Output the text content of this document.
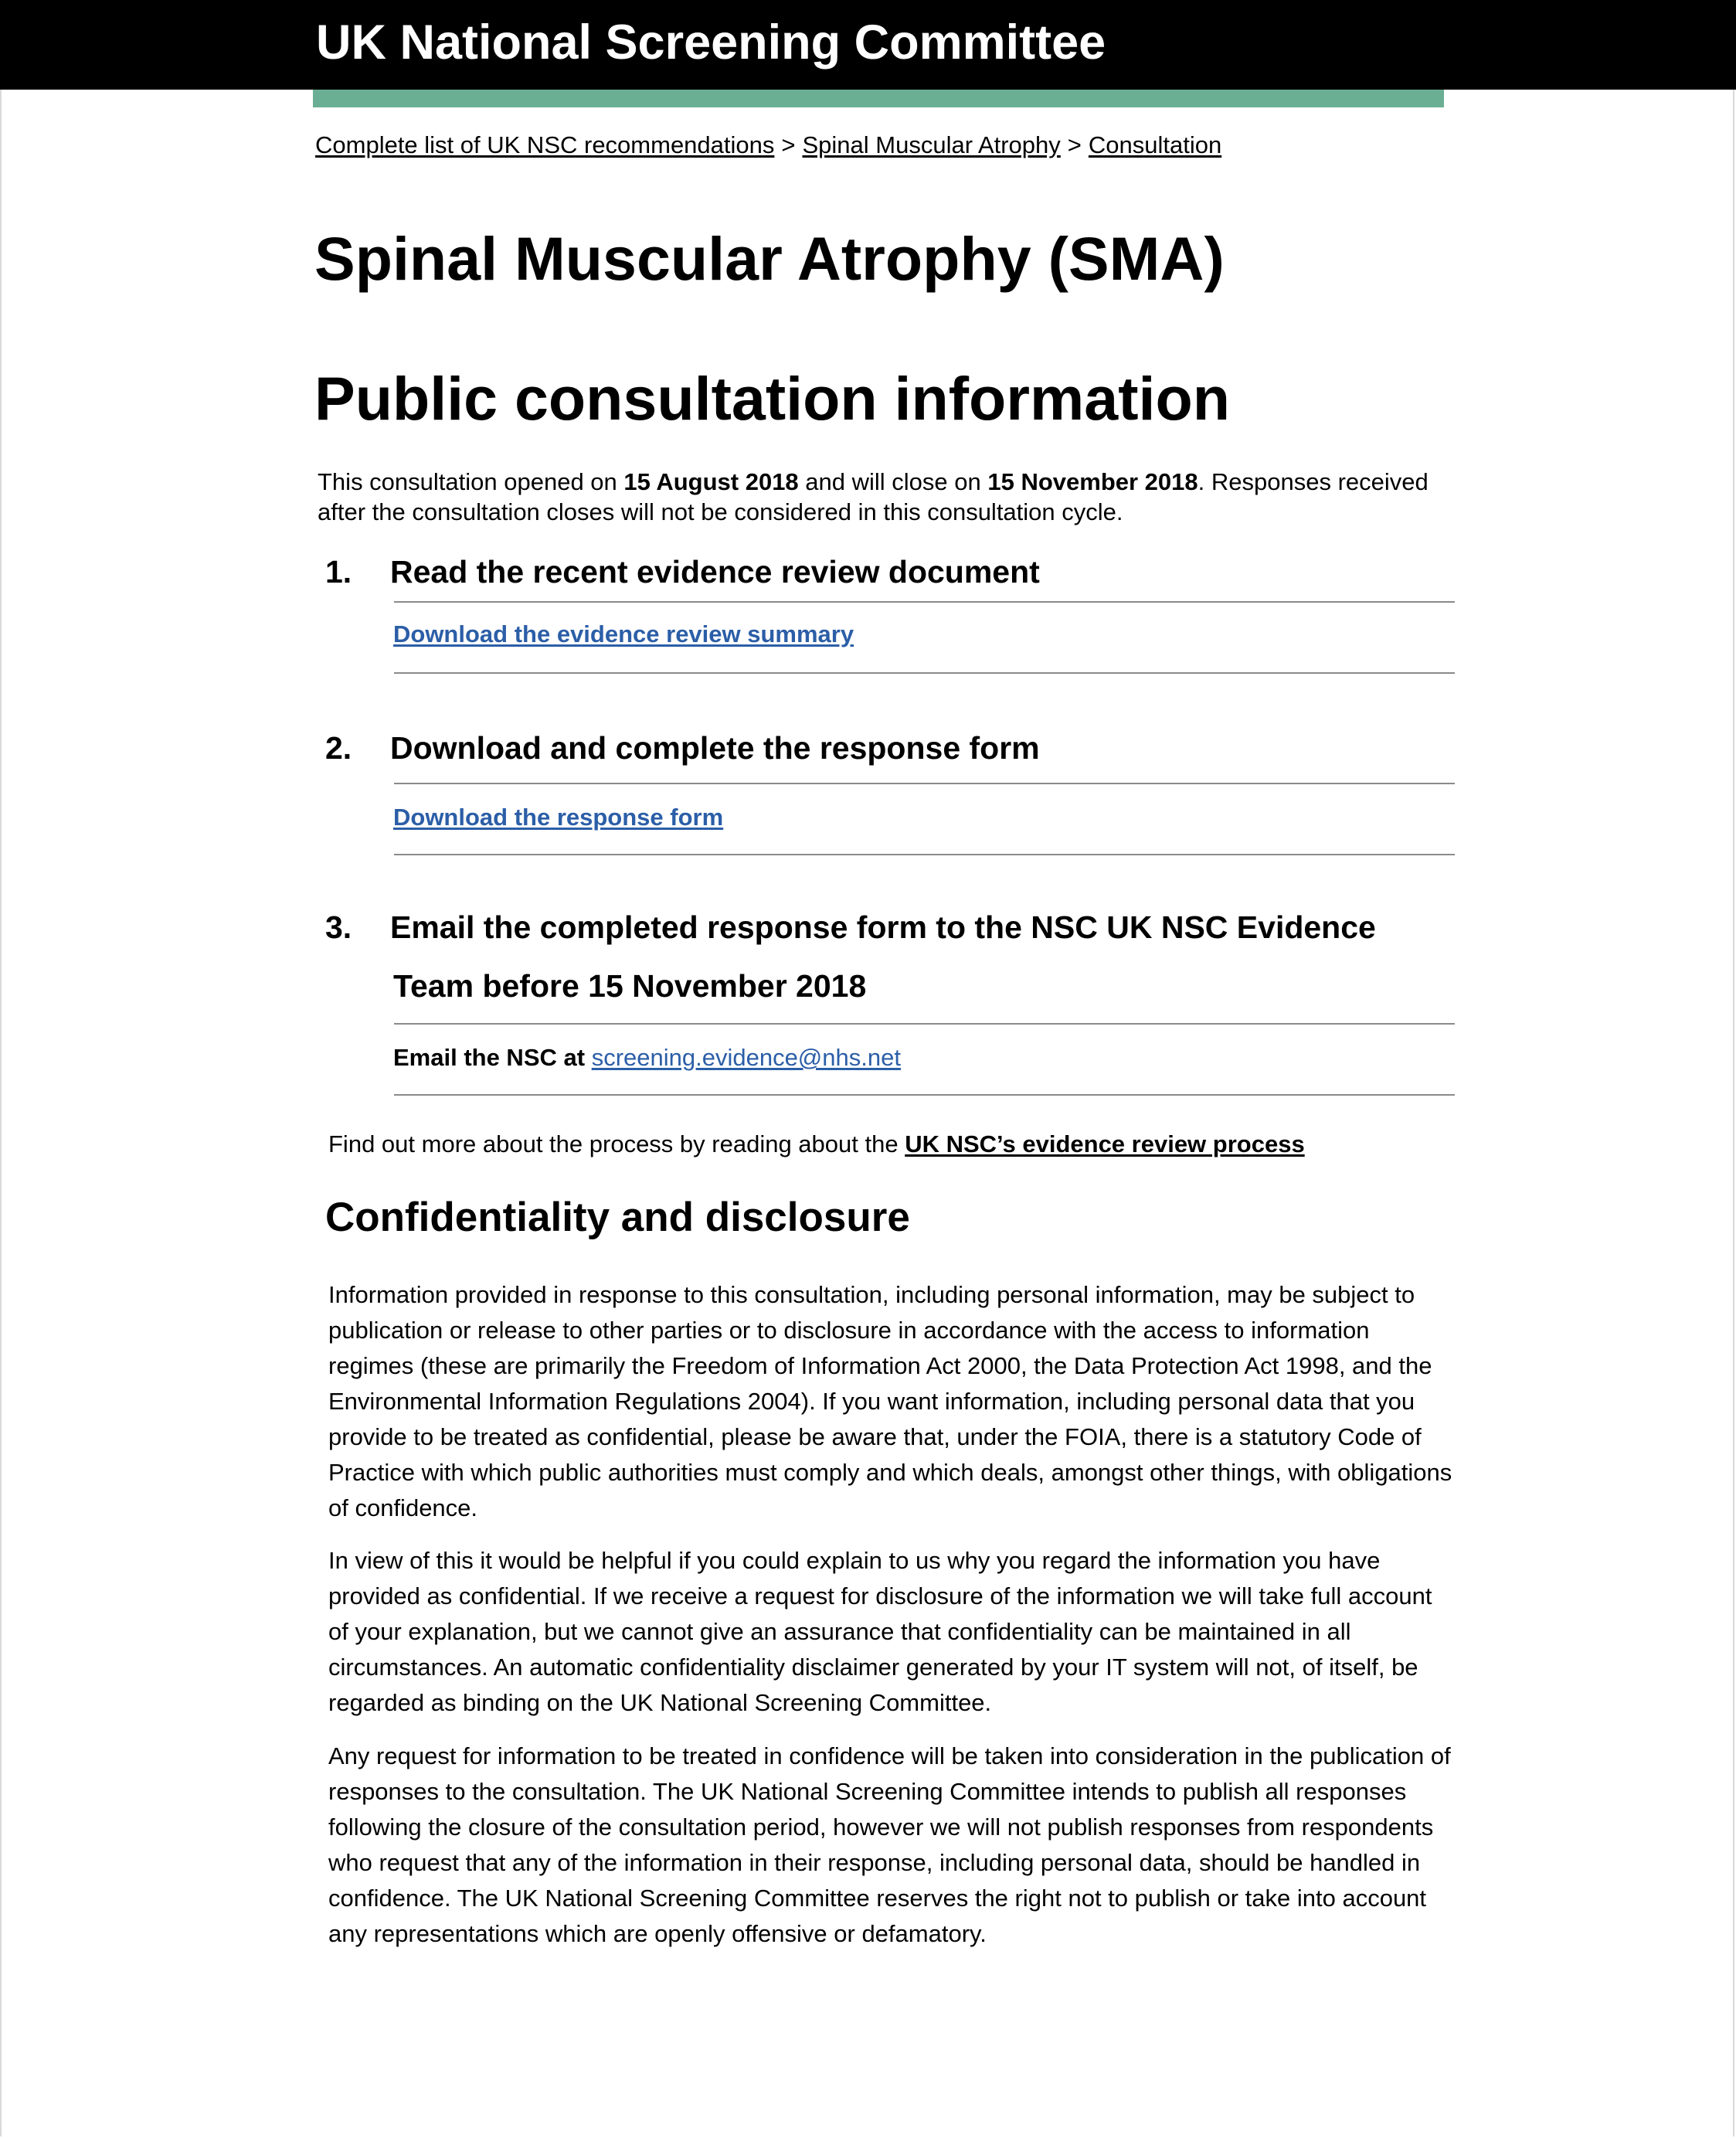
UK National Screening Committee
Complete list of UK NSC recommendations > Spinal Muscular Atrophy > Consultation
Spinal Muscular Atrophy (SMA)
Public consultation information

This consultation opened on 15 August 2018 and will close on 15 November 2018. Responses received after the consultation closes will not be considered in this consultation cycle.

1. Read the recent evidence review document
Download the evidence review summary
2. Download and complete the response form
Download the response form
3. Email the completed response form to the NSC UK NSC Evidence
Team before 15 November 2018
Email the NSC at screening.evidence@nhs.net
Find out more about the process by reading about the UK NSC’s evidence review process
Confidentiality and disclosure

Information provided in response to this consultation, including personal information, may be subject to publication or release to other parties or to disclosure in accordance with the access to information regimes (these are primarily the Freedom of Information Act 2000, the Data Protection Act 1998, and the Environmental Information Regulations 2004). If you want information, including personal data that you provide to be treated as confidential, please be aware that, under the FOIA, there is a statutory Code of Practice with which public authorities must comply and which deals, amongst other things, with obligations of confidence.

In view of this it would be helpful if you could explain to us why you regard the information you have provided as confidential. If we receive a request for disclosure of the information we will take full account of your explanation, but we cannot give an assurance that confidentiality can be maintained in all circumstances. An automatic confidentiality disclaimer generated by your IT system will not, of itself, be regarded as binding on the UK National Screening Committee.

Any request for information to be treated in confidence will be taken into consideration in the publication of responses to the consultation. The UK National Screening Committee intends to publish all responses following the closure of the consultation period, however we will not publish responses from respondents who request that any of the information in their response, including personal data, should be handled in confidence. The UK National Screening Committee reserves the right not to publish or take into account any representations which are openly offensive or defamatory.
